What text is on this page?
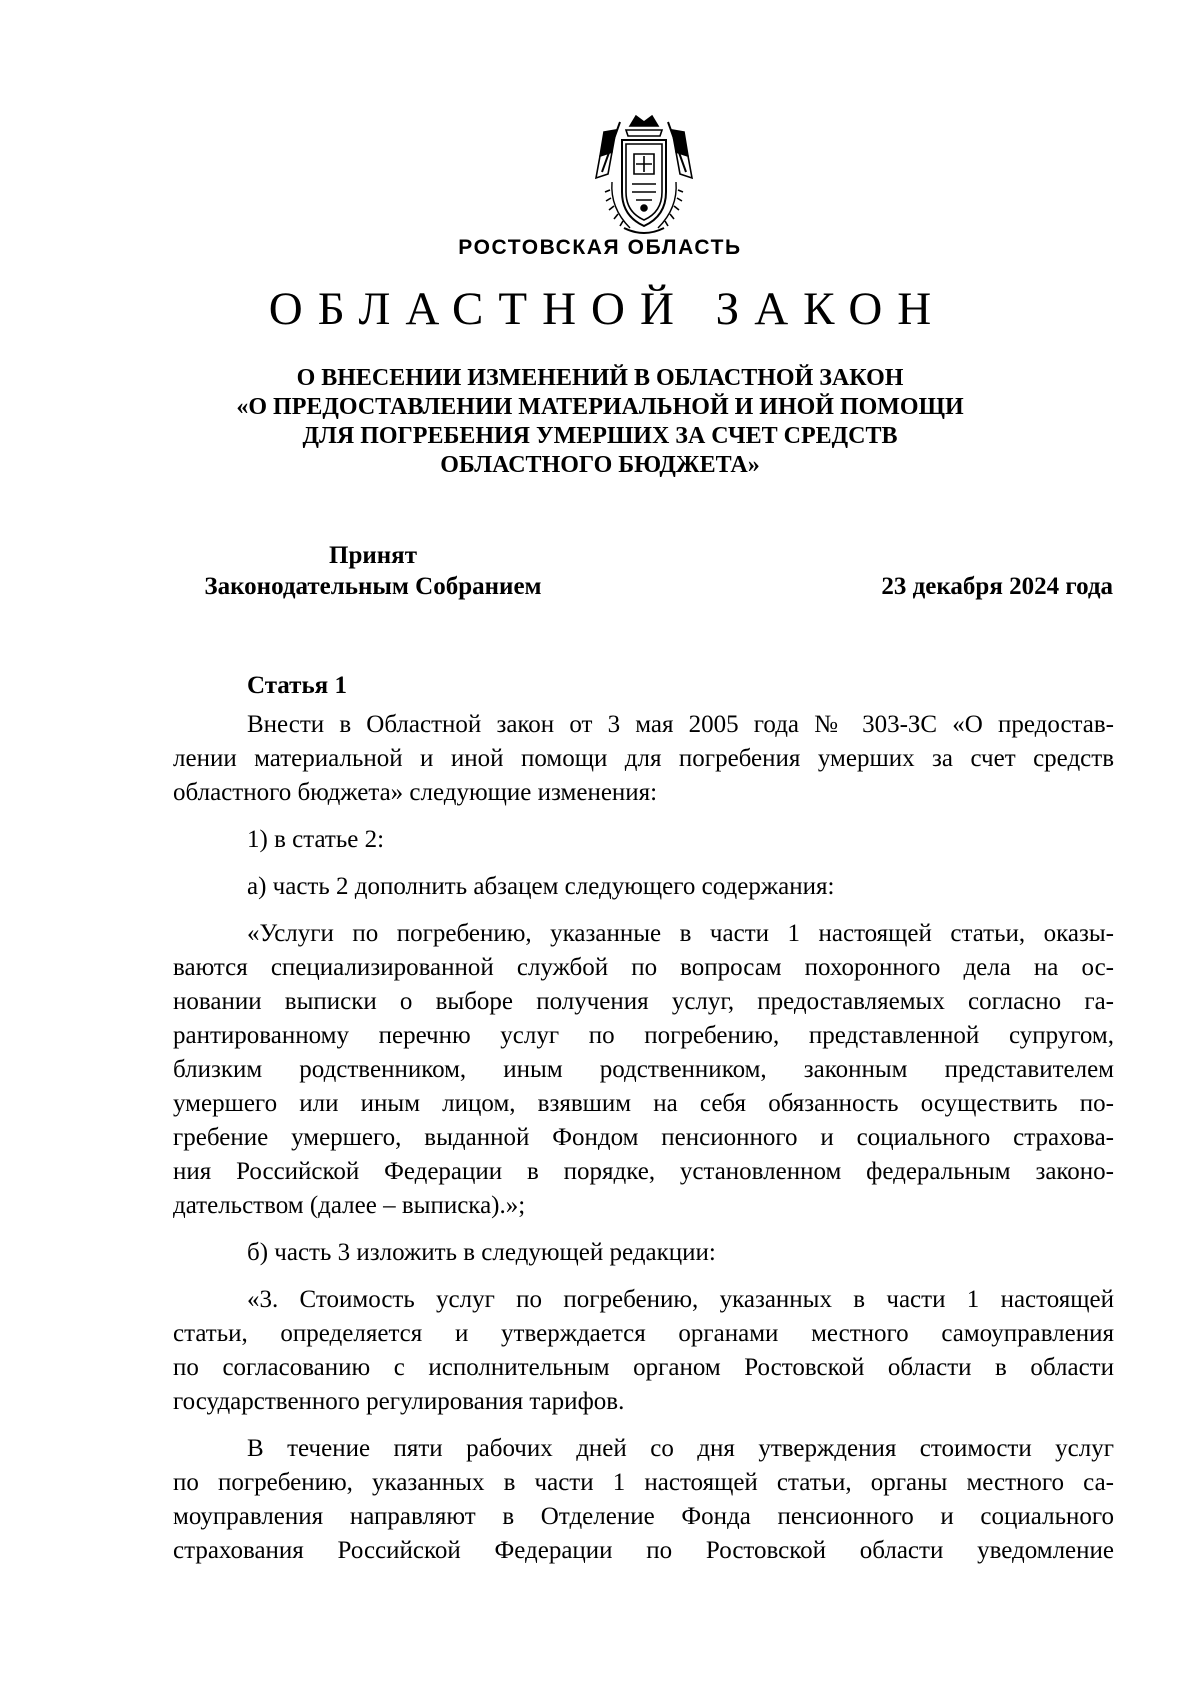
РОСТОВСКАЯ ОБЛАСТЬ
ОБЛАСТНОЙ ЗАКОН
О ВНЕСЕНИИ ИЗМЕНЕНИЙ В ОБЛАСТНОЙ ЗАКОН
«О ПРЕДОСТАВЛЕНИИ МАТЕРИАЛЬНОЙ И ИНОЙ ПОМОЩИ
ДЛЯ ПОГРЕБЕНИЯ УМЕРШИХ ЗА СЧЕТ СРЕДСТВ
ОБЛАСТНОГО БЮДЖЕТА»
Принят
Законодательным Собранием	23 декабря 2024 года
Статья 1
Внести в Областной закон от 3 мая 2005 года № 303-ЗС «О предостав-
лении материальной и иной помощи для погребения умерших за счет средств
областного бюджета» следующие изменения:
1) в статье 2:
а) часть 2 дополнить абзацем следующего содержания:
«Услуги по погребению, указанные в части 1 настоящей статьи, оказы-
ваются специализированной службой по вопросам похоронного дела на ос-
новании выписки о выборе получения услуг, предоставляемых согласно га-
рантированному перечню услуг по погребению, представленной супругом,
близким родственником, иным родственником, законным представителем
умершего или иным лицом, взявшим на себя обязанность осуществить по-
гребение умершего, выданной Фондом пенсионного и социального страхова-
ния Российской Федерации в порядке, установленном федеральным законо-
дательством (далее – выписка).»;
б) часть 3 изложить в следующей редакции:
«3. Стоимость услуг по погребению, указанных в части 1 настоящей
статьи, определяется и утверждается органами местного самоуправления
по согласованию с исполнительным органом Ростовской области в области
государственного регулирования тарифов.
В течение пяти рабочих дней со дня утверждения стоимости услуг
по погребению, указанных в части 1 настоящей статьи, органы местного са-
моуправления направляют в Отделение Фонда пенсионного и социального
страхования Российской Федерации по Ростовской области уведомление
